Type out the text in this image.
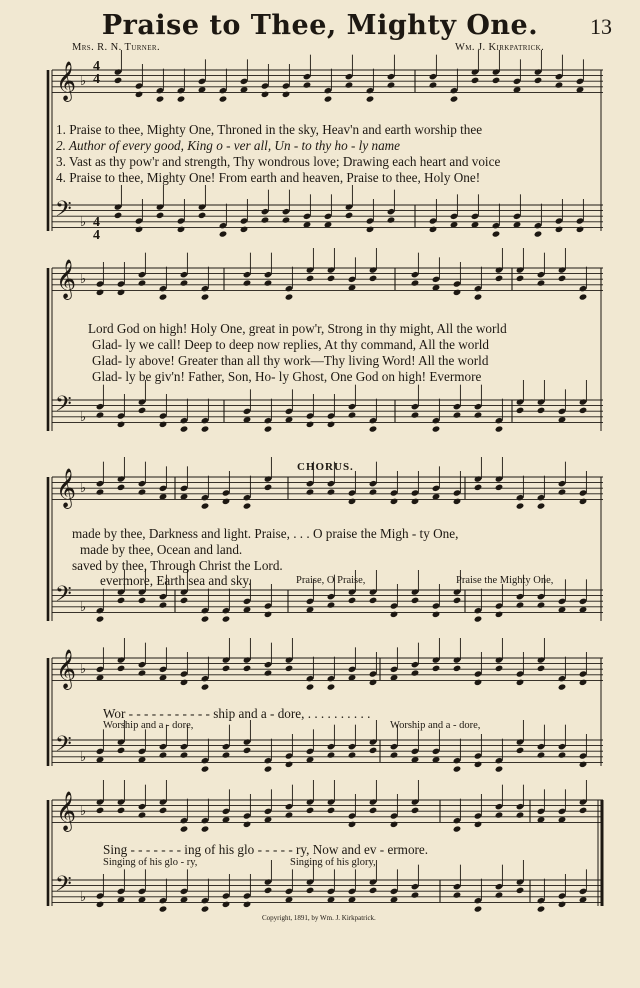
Praise to Thee, Mighty One.	13
Mrs. R. N. Turner.	Wm. J. Kirkpatrick.
𝄞 ♭
𝄢 ♭
𝄞 ♭
𝄢 ♭
𝄞 ♭
𝄢 ♭
𝄞 ♭
𝄢 ♭
𝄞 ♭
𝄢 ♭
4
4
4
4
1. Praise to thee, Mighty One, Throned in the sky, Heav'n and earth worship thee
2. Author of every good, King o - ver all, Un - to thy ho - ly name
3. Vast as thy pow'r and strength, Thy wondrous love; Drawing each heart and voice
4. Praise to thee, Mighty One! From earth and heaven, Praise to thee, Holy One!
Lord God on high! Holy One, great in pow'r, Strong in thy might, All the world
Glad- ly we call! Deep to deep now replies, At thy command, All the world
Glad- ly above! Greater than all thy work—Thy living Word! All the world
Glad- ly be giv'n! Father, Son, Ho- ly Ghost, One God on high! Evermore
CHORUS.
made by thee, Darkness and light. Praise, . . . O praise the Migh - ty One,
made by thee, Ocean and land.
saved by thee, Through Christ the Lord.
evermore, Earth sea and sky.	Praise, O Praise,	Praise the Mighty One,
Wor - - - - - - - - - - - ship and a - dore, . . . . . . . . . .
Worship and a - dore,	Worship and a - dore,
Sing - - - - - - - ing of his glo - - - - - ry, Now and ev - ermore.
Singing of his glo - ry,	Singing of his glory,
Copyright, 1891, by Wm. J. Kirkpatrick.
